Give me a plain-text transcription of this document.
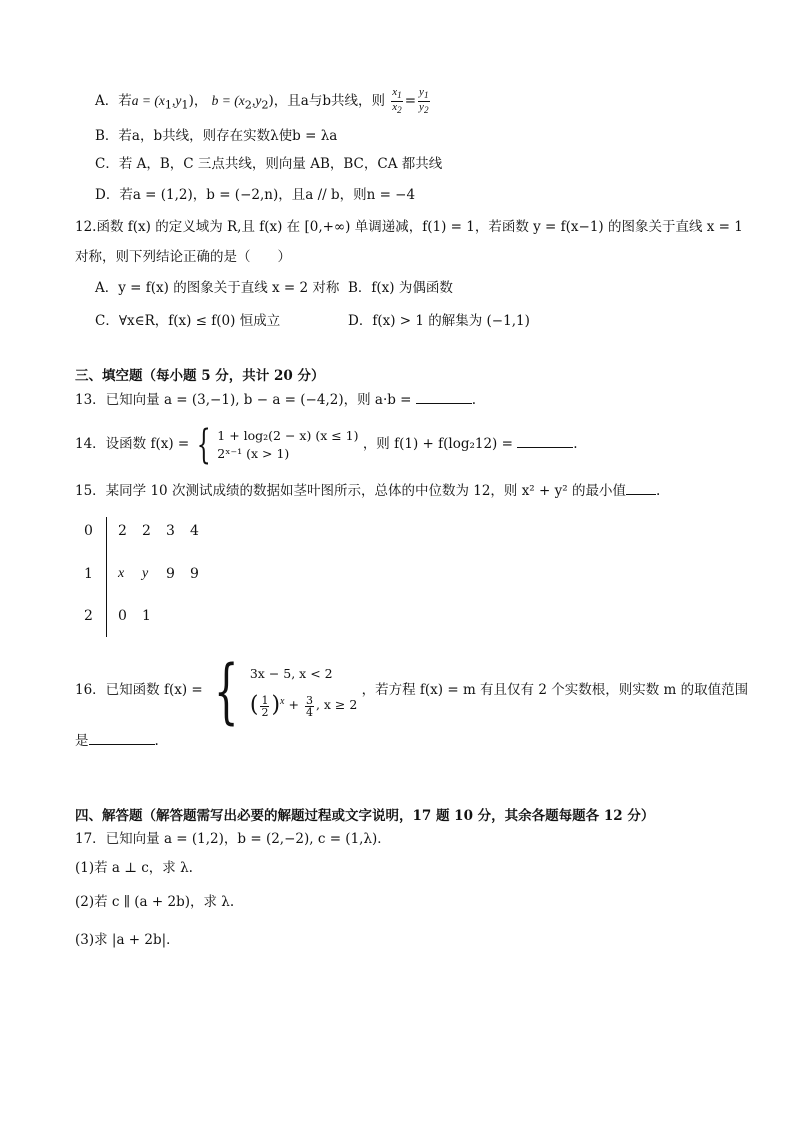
A．若$a = (x_1,y_1)$， $b = (x_2,y_2)$，且a与b共线，则 $\frac{x_1}{x_2} = \frac{y_1}{y_2}$
B．若a，b共线，则存在实数λ使b = λa
C．若 A，B，C 三点共线，则向量 AB，BC，CA 都共线
D．若a = (1,2)，b = (−2,n)，且a // b，则n = −4
12.函数 f(x) 的定义域为 R,且 f(x) 在 [0,+∞) 单调递减，f(1) = 1，若函数 y = f(x−1) 的图象关于直线 x = 1
对称，则下列结论正确的是（　　）
A．y = f(x) 的图象关于直线 x = 2 对称 B．f(x) 为偶函数
C．∀x∈R，f(x) ≤ f(0) 恒成立	D．f(x) > 1 的解集为 (−1,1)
三、填空题（每小题 5 分，共计 20 分）
13．已知向量 a = (3,−1), b − a = (−4,2)，则 a·b =	.
14．设函数 f(x) = { 1 + log₂(2 − x) (x ≤ 1)
2ˣ⁻¹ (x > 1)
，则 f(1) + f(log₂12) =	.
15．某同学 10 次测试成绩的数据如茎叶图所示，总体的中位数为 12，则 x² + y² 的最小值 .
0 2 2 3 4
1 x y 9 9
2 0 1
16．已知函数 f(x) = { 3x − 5, x < 2
( $\frac{1}{2} )^x + \frac{3}{4}$ , x ≥ 2
，若方程 f(x) = m 有且仅有 2 个实数根，则实数 m 的取值范围
是	.
四、解答题（解答题需写出必要的解题过程或文字说明，17 题 10 分，其余各题每题各 12 分）
17．已知向量 a = (1,2)，b = (2,−2), c = (1,λ)．
(1)若 a ⊥ c，求 λ.
(2)若 c ∥ (a + 2b)，求 λ.
(3)求 |a + 2b|．
